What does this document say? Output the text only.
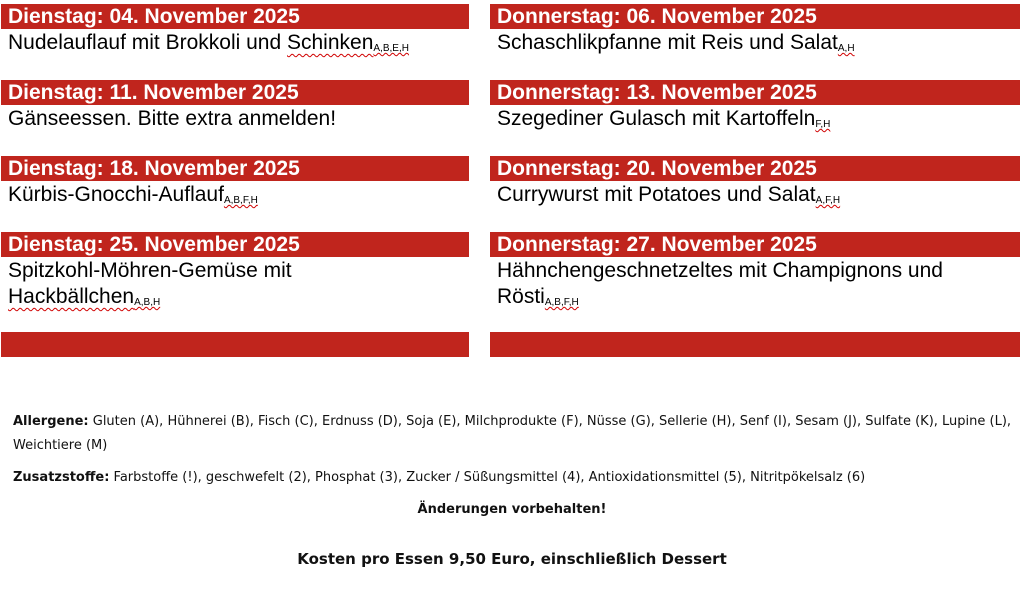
Dienstag: 04. November 2025
Nudelauflauf mit Brokkoli und SchinkenA,B,E,H
Dienstag: 11. November 2025
Gänseessen. Bitte extra anmelden!
Dienstag: 18. November 2025
Kürbis-Gnocchi-AuflaufA,B,F,H
Dienstag: 25. November 2025
Spitzkohl-Möhren-Gemüse mit
HackbällchenA,B,H
Donnerstag: 06. November 2025
Schaschlikpfanne mit Reis und SalatA,H
Donnerstag: 13. November 2025
Szegediner Gulasch mit KartoffelnF,H
Donnerstag: 20. November 2025
Currywurst mit Potatoes und SalatA,F,H
Donnerstag: 27. November 2025
Hähnchengeschnetzeltes mit Champignons und
RöstiA,B,F,H

Allergene: Gluten (A), Hühnerei (B), Fisch (C), Erdnuss (D), Soja (E), Milchprodukte (F), Nüsse (G), Sellerie (H), Senf (I), Sesam (J), Sulfate (K), Lupine (L), Weichtiere (M)

Zusatzstoffe: Farbstoffe (!), geschwefelt (2), Phosphat (3), Zucker / Süßungsmittel (4), Antioxidationsmittel (5), Nitritpökelsalz (6)

Änderungen vorbehalten!
Kosten pro Essen 9,50 Euro, einschließlich Dessert
